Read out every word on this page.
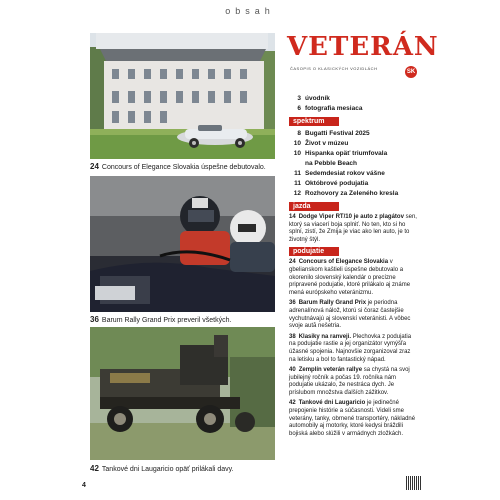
obsah
24 Concours of Elegance Slovakia úspešne debutovalo.
36 Barum Rally Grand Prix preveril všetkých.
42 Tankové dni Laugaricio opäť prilákali davy.
VETERÁN
ČASOPIS O KLASICKÝCH VOZIDLÁCH
SK
3 úvodník
6 fotografia mesiaca
spektrum
8 Bugatti Festival 2025
10 Život v múzeu
10 Hispanka opäť triumfovala
na Pebble Beach
11 Sedemdesiat rokov vášne
11 Októbrové podujatia
12 Rozhovory za Zeleného kresla
jazda
14 Dodge Viper RT/10 je auto z plagátov sen, ktorý sa viacerí boja splniť. No ten, kto si ho splní, zistí, že Zmija je viac ako len auto, je to životný štýl.
podujatie
24 Concours of Elegance Slovakia v gbelianskom kaštieli úspešne debutovalo a okorenilo slovenský kalendár o precízne pripravené podujatie, ktoré prilákalo aj známe mená európskeho veteránizmu.
36 Barum Rally Grand Prix je periodna adrenalínová nálož, ktorú si čoraz častejšie vychutnávajú aj slovenskí veteránisti. A vôbec svoje aută nešetria.
38 Klasiky na ranveji. Plechovka z podujatia na podujatie rastie a jej organizátor vymýšľa úžasné spojenia. Najnovšie zorganizoval zraz na letisku a bol to fantastický nápad.
40 Zemplín veterán rallye sa chystá na svoj jubilejný ročník a počas 19. ročníka nám podujatie ukázalo, že nestráca dych. Je príslubom množstva ďalších zážitkov.
42 Tankové dni Laugaricio je jedinečné prepojenie histórie a súčasnosti. Videli sme veterány, tanky, obrnené transportéry, nákladné automobily aj motorky, ktoré kedysi bráždili bojiská alebo slúžili v armádnych zložkách.
4
